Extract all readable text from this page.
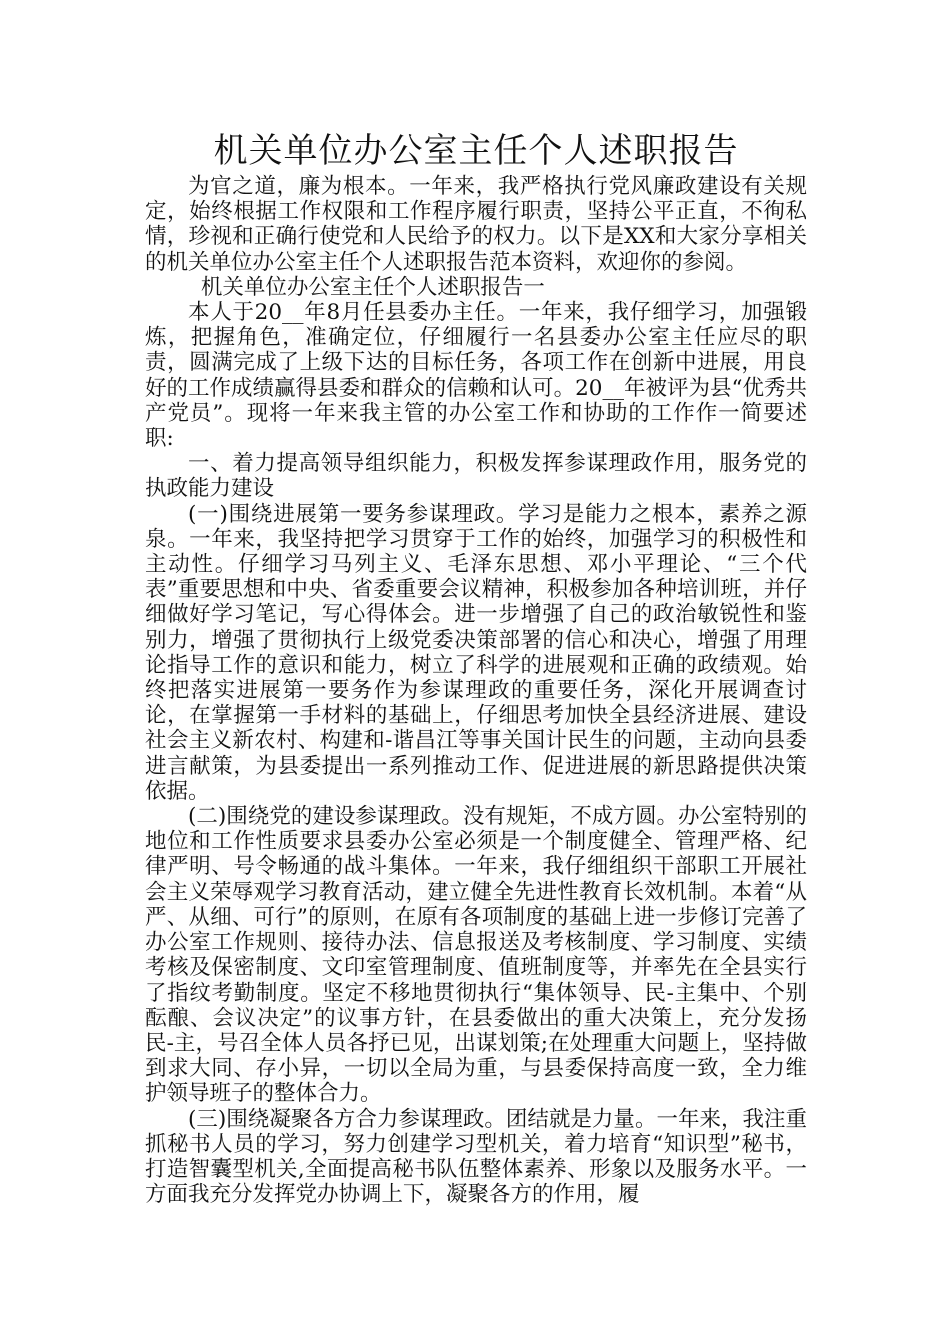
机关单位办公室主任个人述职报告

为官之道，廉为根本。一年来，我严格执行党风廉政建设有关规定，始终根据工作权限和工作程序履行职责，坚持公平正直，不徇私情，珍视和正确行使党和人民给予的权力。以下是XX和大家分享相关的机关单位办公室主任个人述职报告范本资料，欢迎你的参阅。

机关单位办公室主任个人述职报告一

本人于20__年8月任县委办主任。一年来，我仔细学习，加强锻炼，把握角色，准确定位，仔细履行一名县委办公室主任应尽的职责，圆满完成了上级下达的目标任务，各项工作在创新中进展，用良好的工作成绩赢得县委和群众的信赖和认可。20__年被评为县“优秀共产党员”。现将一年来我主管的办公室工作和协助的工作作一简要述职:

一、着力提高领导组织能力，积极发挥参谋理政作用，服务党的执政能力建设

(一)围绕进展第一要务参谋理政。学习是能力之根本，素养之源泉。一年来，我坚持把学习贯穿于工作的始终，加强学习的积极性和主动性。仔细学习马列主义、毛泽东思想、邓小平理论、“三个代表”重要思想和中央、省委重要会议精神，积极参加各种培训班，并仔细做好学习笔记，写心得体会。进一步增强了自己的政治敏锐性和鉴别力，增强了贯彻执行上级党委决策部署的信心和决心，增强了用理论指导工作的意识和能力，树立了科学的进展观和正确的政绩观。始终把落实进展第一要务作为参谋理政的重要任务，深化开展调查讨论，在掌握第一手材料的基础上，仔细思考加快全县经济进展、建设社会主义新农村、构建和-谐昌江等事关国计民生的问题，主动向县委进言献策，为县委提出一系列推动工作、促进进展的新思路提供决策依据。

(二)围绕党的建设参谋理政。没有规矩，不成方圆。办公室特别的地位和工作性质要求县委办公室必须是一个制度健全、管理严格、纪律严明、号令畅通的战斗集体。一年来，我仔细组织干部职工开展社会主义荣辱观学习教育活动，建立健全先进性教育长效机制。本着“从严、从细、可行”的原则，在原有各项制度的基础上进一步修订完善了办公室工作规则、接待办法、信息报送及考核制度、学习制度、实绩考核及保密制度、文印室管理制度、值班制度等，并率先在全县实行了指纹考勤制度。坚定不移地贯彻执行“集体领导、民-主集中、个别酝酿、会议决定”的议事方针，在县委做出的重大决策上，充分发扬民-主，号召全体人员各抒已见，出谋划策;在处理重大问题上，坚持做到求大同、存小异，一切以全局为重，与县委保持高度一致，全力维护领导班子的整体合力。

(三)围绕凝聚各方合力参谋理政。团结就是力量。一年来，我注重抓秘书人员的学习，努力创建学习型机关，着力培育“知识型”秘书，打造智囊型机关,全面提高秘书队伍整体素养、形象以及服务水平。一方面我充分发挥党办协调上下，凝聚各方的作用，履
